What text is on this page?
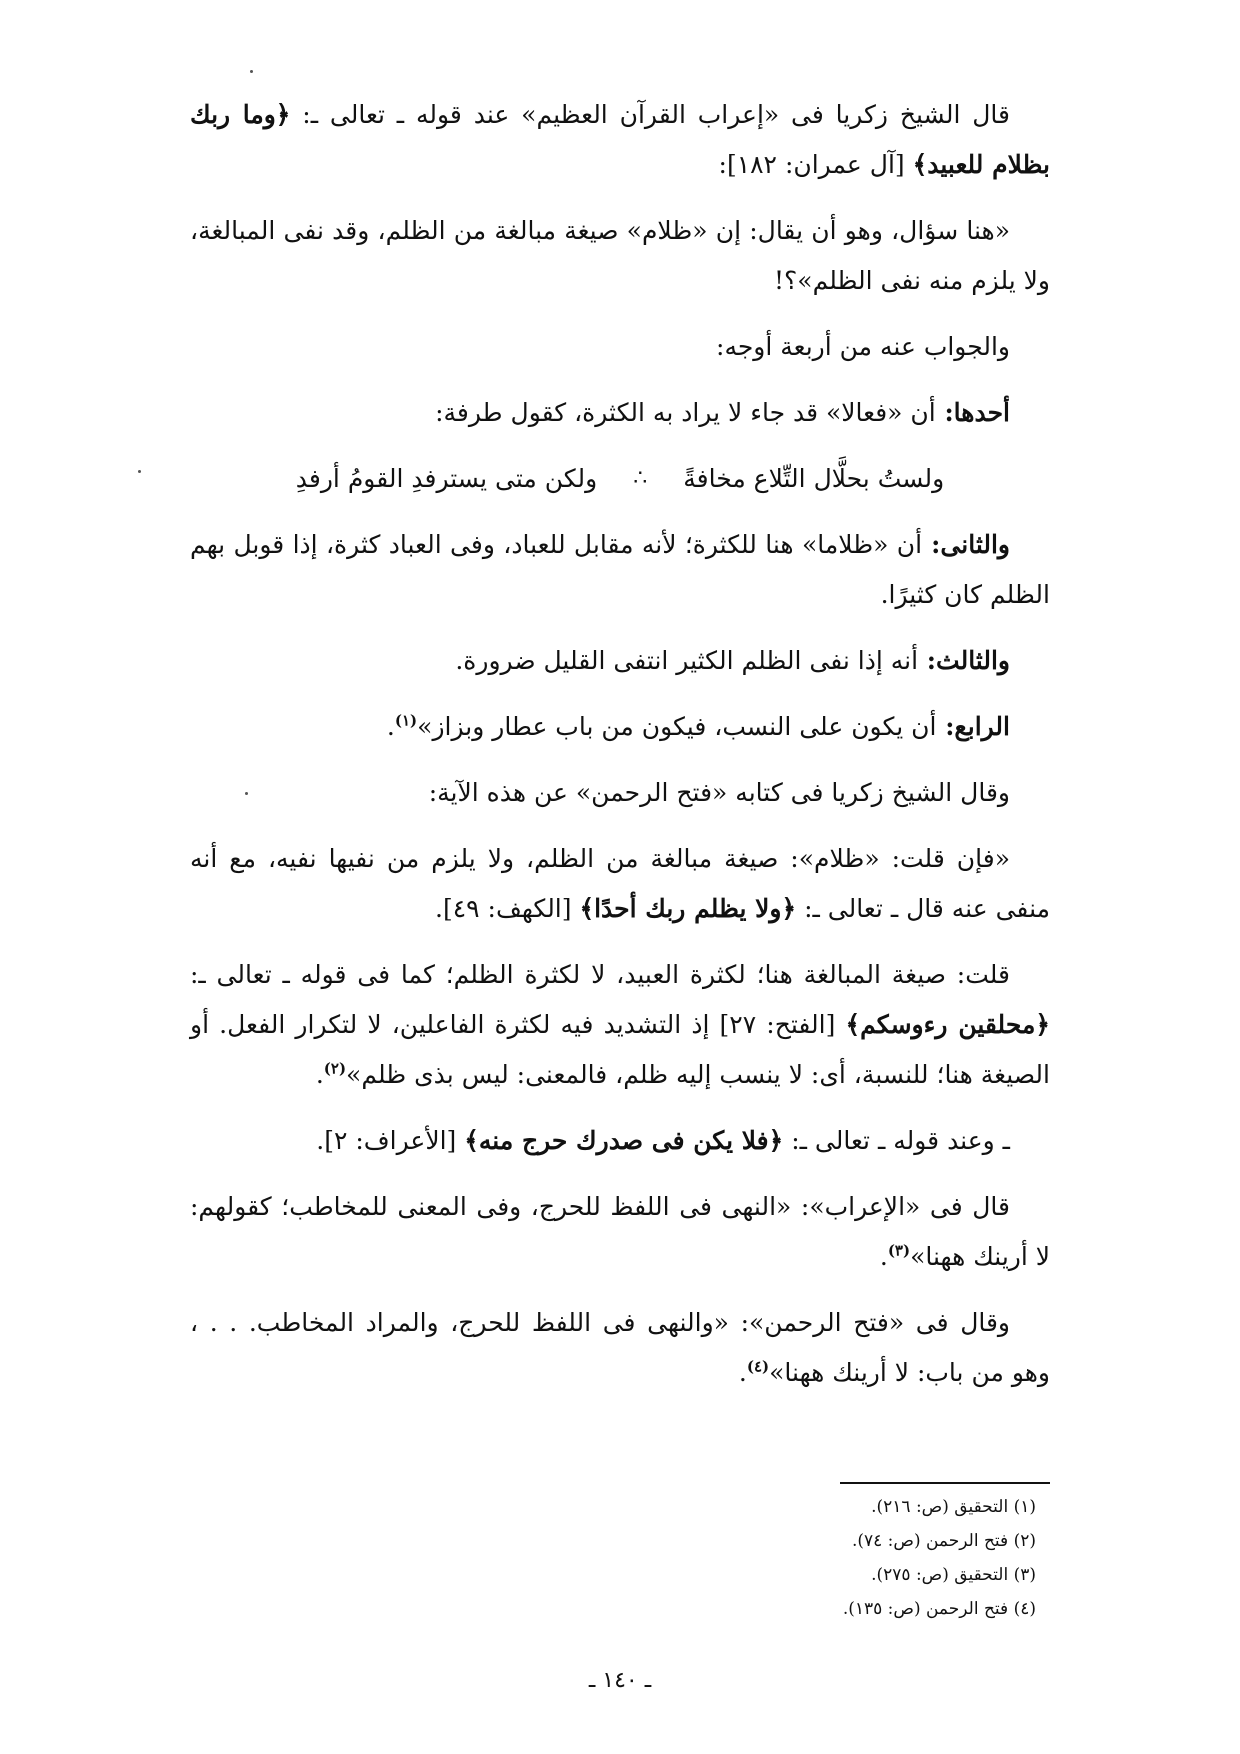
قال الشيخ زكريا فى «إعراب القرآن العظيم» عند قوله ـ تعالى ـ: ﴿وما ربك بظلام للعبيد﴾ [آل عمران: ١٨٢]:

«هنا سؤال، وهو أن يقال: إن «ظلام» صيغة مبالغة من الظلم، وقد نفى المبالغة، ولا يلزم منه نفى الظلم»؟!

والجواب عنه من أربعة أوجه:

أحدها: أن «فعالا» قد جاء لا يراد به الكثرة، كقول طرفة:

ولستُ بحلَّال التِّلاع مخافةً
∴
ولكن متى يسترفدِ القومُ أرفدِ

والثانى: أن «ظلاما» هنا للكثرة؛ لأنه مقابل للعباد، وفى العباد كثرة، إذا قوبل بهم الظلم كان كثيرًا.

والثالث: أنه إذا نفى الظلم الكثير انتفى القليل ضرورة.

الرابع: أن يكون على النسب، فيكون من باب عطار وبزاز»$^{(١)}$.

وقال الشيخ زكريا فى كتابه «فتح الرحمن» عن هذه الآية:

«فإن قلت: «ظلام»: صيغة مبالغة من الظلم، ولا يلزم من نفيها نفيه، مع أنه منفى عنه قال ـ تعالى ـ: ﴿ولا يظلم ربك أحدًا﴾ [الكهف: ٤٩].

قلت: صيغة المبالغة هنا؛ لكثرة العبيد، لا لكثرة الظلم؛ كما فى قوله ـ تعالى ـ: ﴿محلقين رءوسكم﴾ [الفتح: ٢٧] إذ التشديد فيه لكثرة الفاعلين، لا لتكرار الفعل. أو الصيغة هنا؛ للنسبة، أى: لا ينسب إليه ظلم، فالمعنى: ليس بذى ظلم»$^{(٢)}$.

ـ وعند قوله ـ تعالى ـ: ﴿فلا يكن فى صدرك حرج منه﴾ [الأعراف: ٢].

قال فى «الإعراب»: «النهى فى اللفظ للحرج، وفى المعنى للمخاطب؛ كقولهم: لا أرينك ههنا»$^{(٣)}$.

وقال فى «فتح الرحمن»: «والنهى فى اللفظ للحرج، والمراد المخاطب. . . ، وهو من باب: لا أرينك ههنا»$^{(٤)}$.

(١) التحقيق (ص: ٢١٦).
(٢) فتح الرحمن (ص: ٧٤).
(٣) التحقيق (ص: ٢٧٥).
(٤) فتح الرحمن (ص: ١٣٥).
ـ ١٤٠ ـ
